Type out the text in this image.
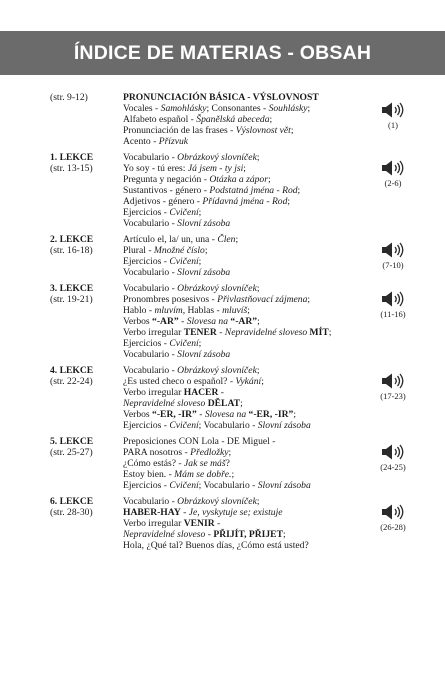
ÍNDICE DE MATERIAS - OBSAH
(str. 9-12)	PRONUNCIACIÓN BÁSICA - VÝSLOVNOST
Vocales - Samohlásky; Consonantes - Souhlásky;
Alfabeto español - Španělská abeceda;
Pronunciación de las frases - Výslovnost vět;
Acento - Přízvuk
(1)
1. LEKCE
(str. 13-15)
Vocabulario - Obrázkový slovníček;
Yo soy - tú eres: Já jsem - ty jsi;
Pregunta y negación - Otázka a zápor;
Sustantivos - género - Podstatná jména - Rod;
Adjetivos - género - Přídavná jména - Rod;
Ejercicios - Cvičení;
Vocabulario - Slovní zásoba
(2-6)
2. LEKCE
(str. 16-18)
Artículo el, la/ un, una - Člen;
Plural - Množné číslo;
Ejercicios - Cvičení;
Vocabulario - Slovní zásoba
(7-10)
3. LEKCE
(str. 19-21)
Vocabulario - Obrázkový slovníček;
Pronombres posesivos - Přivlastňovací zájmena;
Hablo - mluvím, Hablas - mluvíš;
Verbos “-AR” - Slovesa na “-AR”;
Verbo irregular TENER - Nepravidelné sloveso MÍT;
Ejercicios - Cvičení;
Vocabulario - Slovní zásoba
(11-16)
4. LEKCE
(str. 22-24)
Vocabulario - Obrázkový slovníček;
¿Es usted checo o español? - Vykání;
Verbo irregular HACER -
Nepravidelné sloveso DĚLAT;
Verbos “-ER, -IR” - Slovesa na “-ER, -IR”;
Ejercicios - Cvičení; Vocabulario - Slovní zásoba
(17-23)
5. LEKCE
(str. 25-27)
Preposiciones CON Lola - DE Miguel -
PARA nosotros - Předložky;
¿Cómo estás? - Jak se máš?
Estoy bien. - Mám se dobře.;
Ejercicios - Cvičení; Vocabulario - Slovní zásoba
(24-25)
6. LEKCE
(str. 28-30)
Vocabulario - Obrázkový slovníček;
HABER-HAY - Je, vyskytuje se; existuje
Verbo irregular VENIR -
Nepravidelné sloveso - PŘIJÍT, PŘIJET;
Hola, ¿Qué tal? Buenos días, ¿Cómo está usted?
(26-28)
